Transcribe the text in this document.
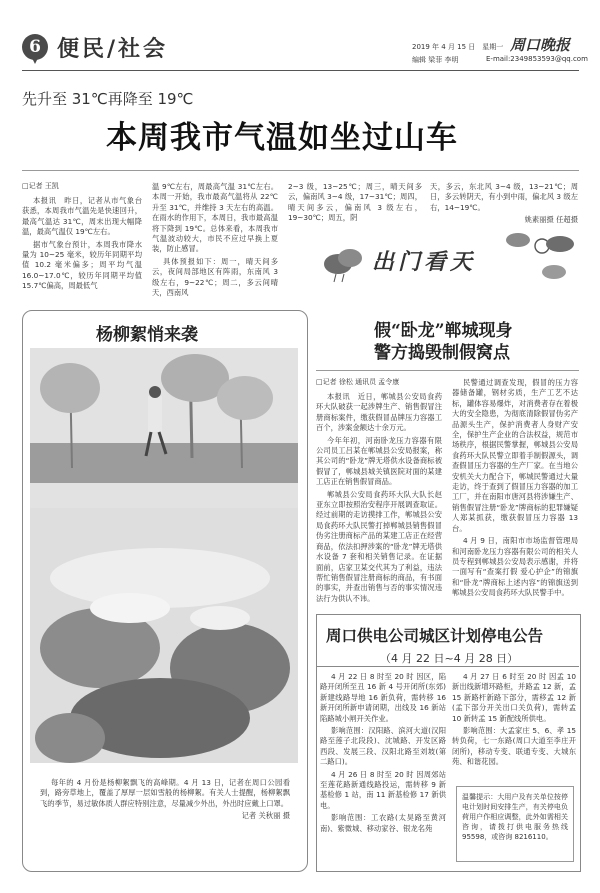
6 便民/社会	2019 年 4 月 15 日　星期一 周口晚报
编辑 梁菲 李明	E-mail:2349853593@qq.com
先升至 31℃再降至 19℃
本周我市气温如坐过山车
□记者 王凯

本报讯　昨日，记者从市气象台获悉，本周我市气温先是快速回升，最高气温达 31℃，周末出现大幅降温，最高气温仅 19℃左右。

据市气象台预计，本周我市降水量为 10~25 毫米，较历年同期平均值 10.2 毫米偏多；周平均气温 16.0~17.0℃，较历年同期平均值 15.7℃偏高，周最低气

温 9℃左右，周最高气温 31℃左右。本周一开始，我市最高气温将从 22℃升至 31℃，并维持 3 天左右的高温。在雨水的作用下，本周日，我市最高温将下降到 19℃。总体来看，本周我市气温波动较大，市民不应过早换上夏装，防止感冒。

具体预报如下：周一，晴天间多云，夜间局部地区有阵雨，东南风 3 级左右，9~22℃；周二，多云间晴天，西南风

2~3 级，13~25℃；周三，晴天间多云，偏南风 3~4 级，17~31℃；周四，晴天间多云，偏南风 3 级左右，19~30℃；周五，阴

天，多云，东北风 3~4 级，13~21℃；周日，多云转阴天，有小到中雨，偏北风 3 级左右，14~19℃。

姚素丽摄 任超摄

出门看天
杨柳絮悄来袭

每年的 4 月份是杨柳絮飘飞的高峰期。4 月 13 日，记者在周口公园看到，路旁草地上，覆盖了厚厚一层如雪般的杨柳絮。有关人士提醒，杨柳絮飘飞的季节，易过敏体质人群应特别注意，尽量减少外出，外出时应戴上口罩。

记者 关秋丽 摄

假“卧龙”郸城现身
警方捣毁制假窝点
□记者 徐松 通讯员 孟令康

本报讯　近日，郸城县公安局食药环大队破获一起涉牌生产、销售假冒注册商标案件，缴获假冒品牌压力容器工百个，涉案金额达十余万元。

今年年初，河南卧龙压力容器有限公司员工吕某在郸城县公安局报案，称其公司的“卧龙”牌无塔供水设备商标被假冒了，郸城县城关镇医院对面的某建工店正在销售假冒商品。

郸城县公安局食药环大队大队长赵亚东立即按照治安程序开展调查取证。经过前期的走访摸排工作，郸城县公安局食药环大队民警打掉郸城县销售假冒伪劣注册商标产品的某建工店正在经营商品，依法扣押涉案的“卧龙”牌无塔供水设备 7 套和相关销售记录。在证据面前，店家卫某交代其为了利益，违法帮忙销售假冒注册商标的商品，有书面的事实，并查出销售与否的事实情况违法行为供认不讳。

民警通过调查发现，假冒的压力容器储备罐，钢材劣质，生产工艺不达标，罐体容易爆炸，对消费者存在着极大的安全隐患，为彻底清除假冒伪劣产品源头生产，保护消费者人身财产安全，保护生产企业的合法权益，规范市场秩序，根据民警掌握，郸城县公安局食药环大队民警立即着手制假源头，调查假冒压力容器的生产厂家。在当地公安机关大力配合下，郸城民警通过大量走访，终于查到了假冒压力容器的加工工厂，并在南阳市唐河县将涉嫌生产、销售假冒注册“卧龙”牌商标的犯罪嫌疑人郑某抓获，缴获假冒压力容器 13 台。

4 月 9 日，南阳市市场监督管理局和河南卧龙压力容器有限公司的相关人员专程到郸城县公安局表示感谢，并将一面写有“查案打假 爱心护企”的锦旗和“卧龙”牌商标上述内容”的锦旗送到郸城县公安局食药环大队民警手中。

周口供电公司城区计划停电公告
（4 月 22 日~4 月 28 日）

4 月 22 日 8 时至 20 时 因区，陷路开闭所至丑 16 新 4 号开闭所(东郊)新建线路导地 16 新负荷，需转移 16 新开闭所新申请闭期，出线及 16 新站陷路城小闸开关作业。

影响范围：汉阳路、滨河大道(汉阳路至莲子北段段)、沈城路、开发区路西段、发展三段、汉阳北路至刘坡(第二路口)。

4 月 26 日 8 时至 20 时 因周郊站至莲花路新通线路投运，需转移 9 新基检修 1 站，南 11 新基检修 17 新供电。

影响范围：工农路(太昊路至黄河南)、紫微城、移动家谷、银龙名苑

4 月 27 日 6 时至 20 时 因孟 10 新出线新增环路柜，并路孟 12 新，孟 15 新路杆新路下部分，需移孟 12 新(孟下部分开关出口关负荷)，需转孟 10 新转孟 15 新配线所供电。

影响范围：大孟家庄 5、6、孝 15 转负荷，七一东路(周口大道至李庄开闭所)，移动专变、联通专变、大城东苑、和谐花园。

温馨提示：大用户及有关单位按停电计划时间安排生产，有关停电负荷用户作相应调整，此外如需相关咨询，请拨打供电服务热线 95598，或咨询 8216110。
